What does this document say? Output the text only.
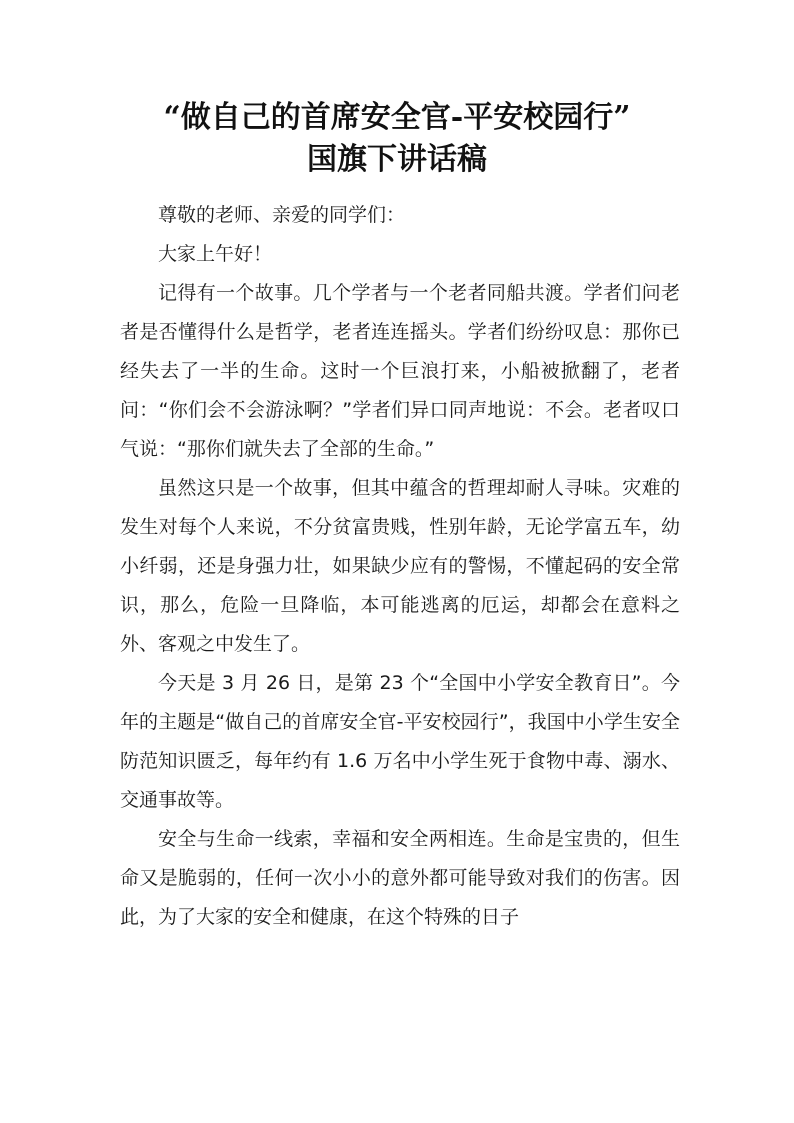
“做自己的首席安全官-平安校园行”
国旗下讲话稿

尊敬的老师、亲爱的同学们：

大家上午好！

记得有一个故事。几个学者与一个老者同船共渡。学者们问老者是否懂得什么是哲学，老者连连摇头。学者们纷纷叹息：那你已经失去了一半的生命。这时一个巨浪打来，小船被掀翻了，老者问：“你们会不会游泳啊？”学者们异口同声地说：不会。老者叹口气说：“那你们就失去了全部的生命。”

虽然这只是一个故事，但其中蕴含的哲理却耐人寻味。灾难的发生对每个人来说，不分贫富贵贱，性别年龄，无论学富五车，幼小纤弱，还是身强力壮，如果缺少应有的警惕，不懂起码的安全常识，那么，危险一旦降临，本可能逃离的厄运，却都会在意料之外、客观之中发生了。

今天是 3 月 26 日，是第 23 个“全国中小学安全教育日”。今年的主题是“做自己的首席安全官-平安校园行”，我国中小学生安全防范知识匮乏，每年约有 1.6 万名中小学生死于食物中毒、溺水、交通事故等。

安全与生命一线索，幸福和安全两相连。生命是宝贵的，但生命又是脆弱的，任何一次小小的意外都可能导致对我们的伤害。因此，为了大家的安全和健康，在这个特殊的日子
